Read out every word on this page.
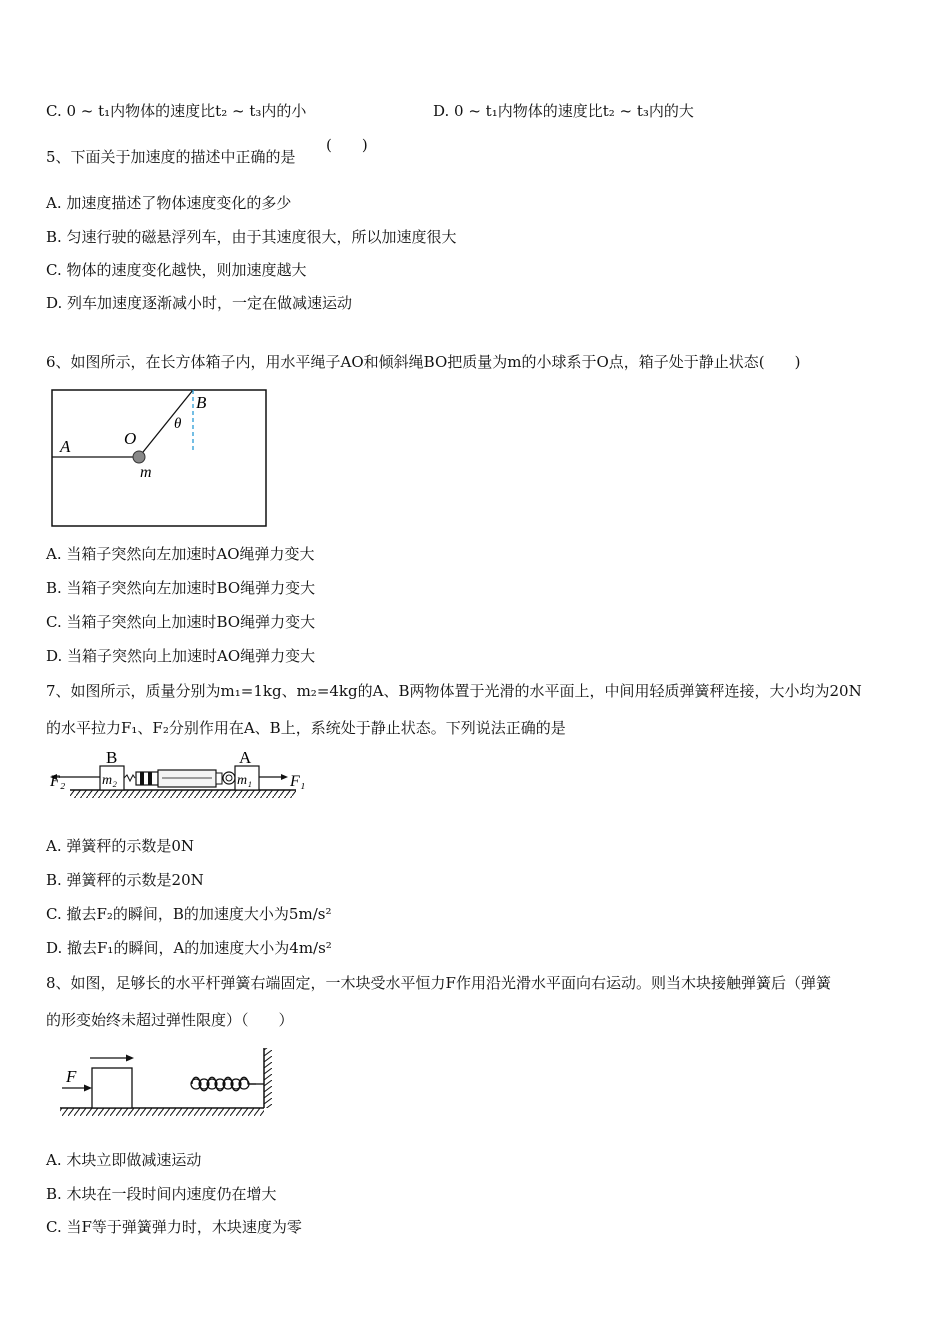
C. 0 ~ t₁内物体的速度比t₂ ~ t₃内的小	D. 0 ~ t₁内物体的速度比t₂ ~ t₃内的大
5、下面关于加速度的描述中正确的是
(　　)
A. 加速度描述了物体速度变化的多少
B. 匀速行驶的磁悬浮列车，由于其速度很大，所以加速度很大
C. 物体的速度变化越快，则加速度越大
D. 列车加速度逐渐减小时，一定在做减速运动
6、如图所示，在长方体箱子内，用水平绳子AO和倾斜绳BO把质量为m的小球系于O点，箱子处于静止状态(　　)
A	O
B
θ
m
A. 当箱子突然向左加速时AO绳弹力变大
B. 当箱子突然向左加速时BO绳弹力变大
C. 当箱子突然向上加速时BO绳弹力变大
D. 当箱子突然向上加速时AO绳弹力变大
7、如图所示，质量分别为m₁=1kg、m₂=4kg的A、B两物体置于光滑的水平面上，中间用轻质弹簧秤连接，大小均为20N
的水平拉力F₁、F₂分别作用在A、B上，系统处于静止状态。下列说法正确的是
m₂
B
F₂	m₁
A
F₁
A. 弹簧秤的示数是0N
B. 弹簧秤的示数是20N
C. 撤去F₂的瞬间，B的加速度大小为5m/s²
D. 撤去F₁的瞬间，A的加速度大小为4m/s²
8、如图，足够长的水平杆弹簧右端固定，一木块受水平恒力F作用沿光滑水平面向右运动。则当木块接触弹簧后（弹簧
的形变始终未超过弹性限度）（　　）
F
A. 木块立即做减速运动
B. 木块在一段时间内速度仍在增大
C. 当F等于弹簧弹力时，木块速度为零
